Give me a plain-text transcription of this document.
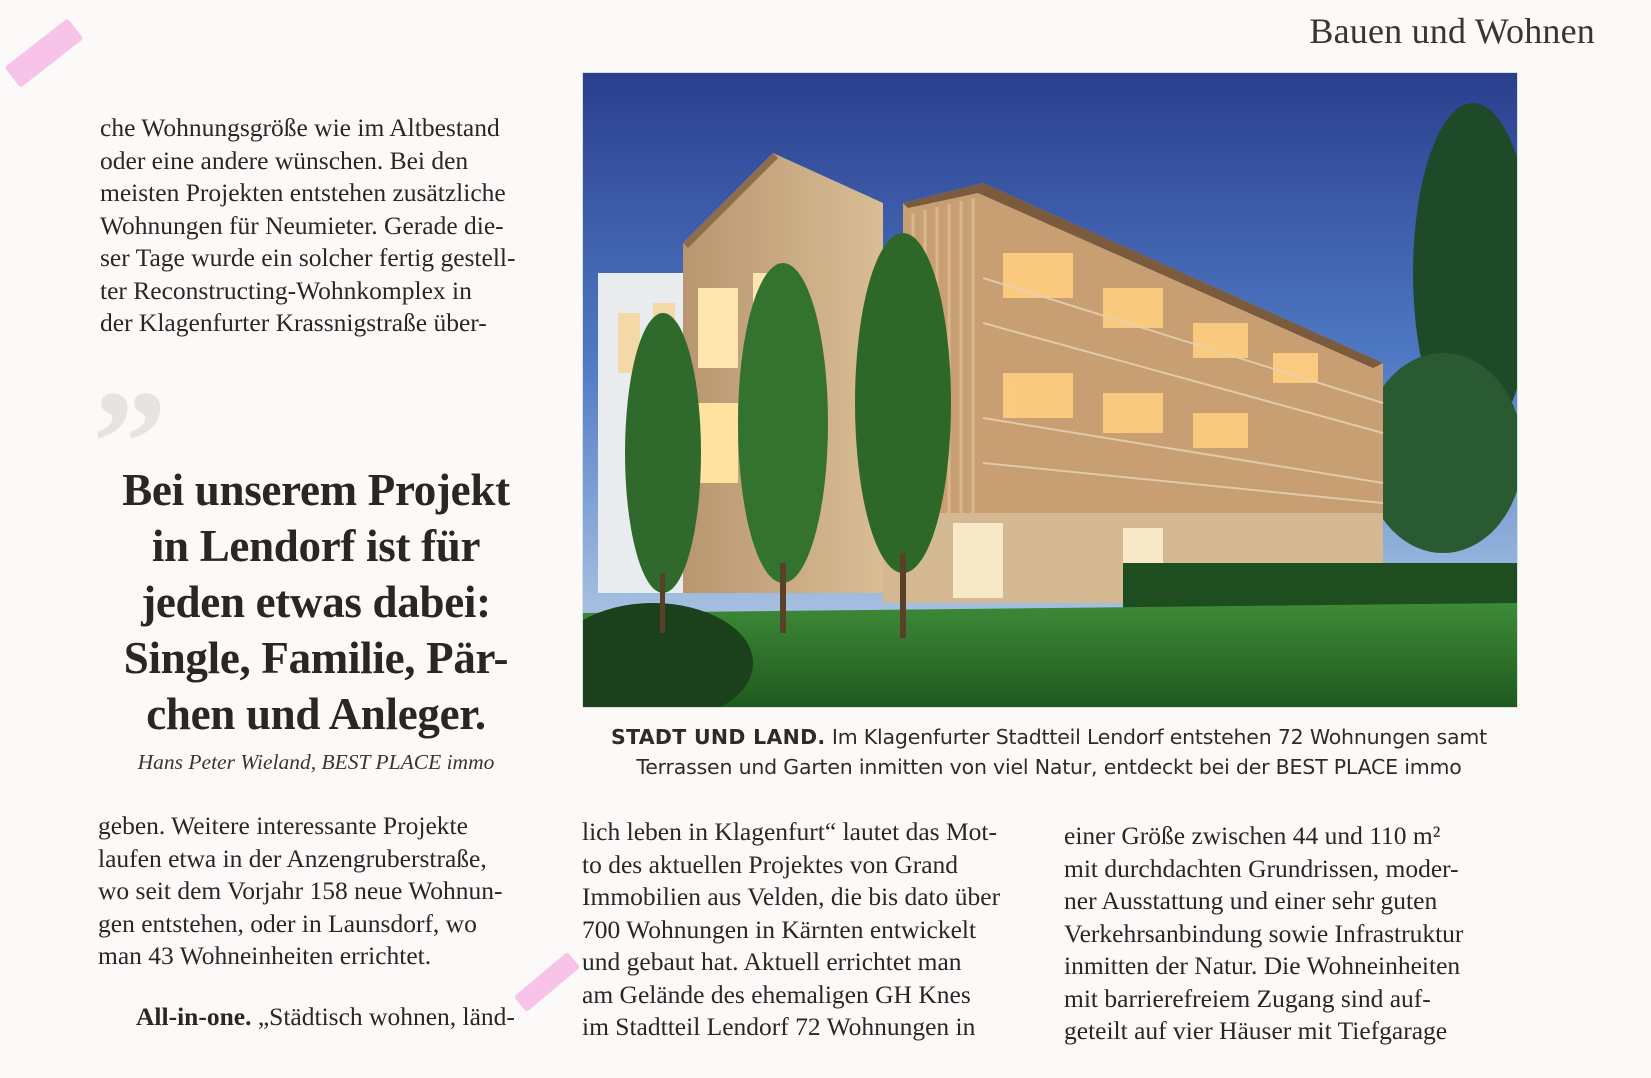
Bauen und Wohnen

che Wohnungsgröße wie im Altbestand

oder eine andere wünschen. Bei den

meisten Projekten entstehen zusätzliche

Wohnungen für Neumieter. Gerade die-

ser Tage wurde ein solcher fertig gestell-

ter Reconstructing-Wohnkomplex in

der Klagenfurter Krassnigstraße über-

”
Bei unserem Projekt
in Lendorf ist für
jeden etwas dabei:
Single, Familie, Pär-
chen und Anleger.
Hans Peter Wieland, BEST PLACE immo
STADT UND LAND. Im Klagenfurter Stadtteil Lendorf entstehen 72 Wohnungen samt
Terrassen und Garten inmitten von viel Natur, entdeckt bei der BEST PLACE immo

geben. Weitere interessante Projekte

laufen etwa in der Anzengruberstraße,

wo seit dem Vorjahr 158 neue Wohnun-

gen entstehen, oder in Launsdorf, wo

man 43 Wohneinheiten errichtet.

All-in-one. „Städtisch wohnen, länd-

lich leben in Klagenfurt“ lautet das Mot-

to des aktuellen Projektes von Grand

Immobilien aus Velden, die bis dato über

700 Wohnungen in Kärnten entwickelt

und gebaut hat. Aktuell errichtet man

am Gelände des ehemaligen GH Knes

im Stadtteil Lendorf 72 Wohnungen in

einer Größe zwischen 44 und 110 m²

mit durchdachten Grundrissen, moder-

ner Ausstattung und einer sehr guten

Verkehrsanbindung sowie Infrastruktur

inmitten der Natur. Die Wohneinheiten

mit barrierefreiem Zugang sind auf-

geteilt auf vier Häuser mit Tiefgarage
